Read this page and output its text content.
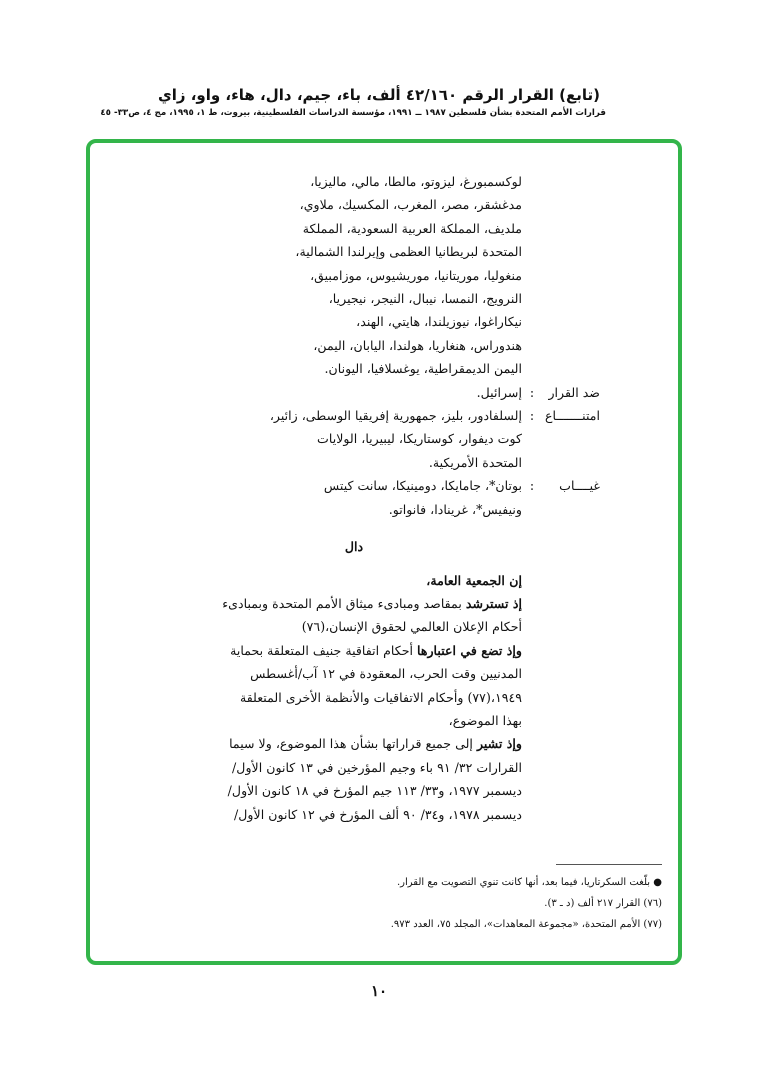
(تابع) القرار الرقم ٤٢/١٦٠ ألف، باء، جيم، دال، هاء، واو، زاي
قرارات الأمم المتحدة بشأن فلسطين ١٩٨٧ ــ ١٩٩١، مؤسسة الدراسات الفلسطينية، بيروت، ط ١، ١٩٩٥، مج ٤، ص٣٣- ٤٥
لوكسمبورغ، ليزوتو، مالطا، مالي، ماليزيا،
مدغشقر، مصر، المغرب، المكسيك، ملاوي،
ملديف، المملكة العربية السعودية، المملكة
المتحدة لبريطانيا العظمى وإيرلندا الشمالية،
منغوليا، موريتانيا، موريشيوس، موزامبيق،
النرويج، النمسا، نيبال، النيجر، نيجيريا،
نيكاراغوا، نيوزيلندا، هايتي، الهند،
هندوراس، هنغاريا، هولندا، اليابان، اليمن،
اليمن الديمقراطية، يوغسلافيا، اليونان.
ضد القرار
:
إسرائيل.
امتنـــــــاع
:
إلسلفادور، بليز، جمهورية إفريقيا الوسطى، زائير،
كوت ديفوار، كوستاريكا، ليبيريا، الولايات
المتحدة الأمريكية.
غيــــاب
:
بوتان*، جامايكا، دومينيكا، سانت كيتس
ونيفيس*، غرينادا، فانواتو.
دال

إن الجمعية العامة،

إذ تسترشد بمقاصد ومبادىء ميثاق الأمم المتحدة وبمبادىء
أحكام الإعلان العالمي لحقوق الإنسان،(٧٦)
وإذ تضع في اعتبارها أحكام اتفاقية جنيف المتعلقة بحماية
المدنيين وقت الحرب، المعقودة في ١٢ آب/أغسطس
١٩٤٩،(٧٧) وأحكام الاتفاقيات والأنظمة الأخرى المتعلقة
بهذا الموضوع،
وإذ تشير إلى جميع قراراتها بشأن هذا الموضوع، ولا سيما
القرارات ٣٢/ ٩١ باء وجيم المؤرخين في ١٣ كانون الأول/
ديسمبر ١٩٧٧، و٣٣/ ١١٣ جيم المؤرخ في ١٨ كانون الأول/
ديسمبر ١٩٧٨، و٣٤/ ٩٠ ألف المؤرخ في ١٢ كانون الأول/

● بلّغت السكرتاريا، فيما بعد، أنها كانت تنوي التصويت مع القرار.

(٧٦) القرار ٢١٧ ألف (د ـ ٣).

(٧٧) الأمم المتحدة، «مجموعة المعاهدات»، المجلد ٧٥، العدد ٩٧٣.

١٠
